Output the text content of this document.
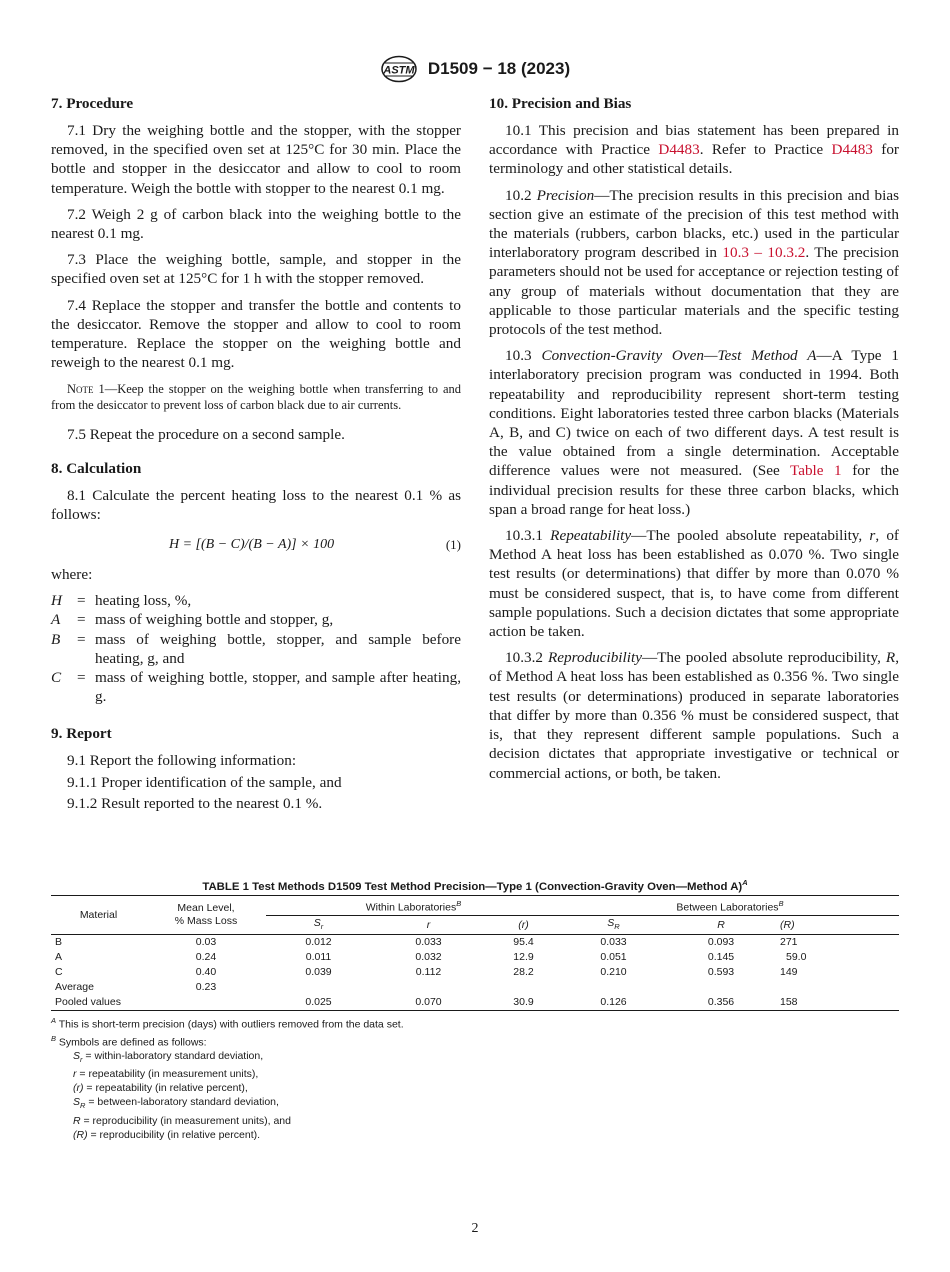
ASTM D1509 − 18 (2023)
7. Procedure

7.1 Dry the weighing bottle and the stopper, with the stopper removed, in the specified oven set at 125°C for 30 min. Place the bottle and stopper in the desiccator and allow to cool to room temperature. Weigh the bottle with stopper to the nearest 0.1 mg.

7.2 Weigh 2 g of carbon black into the weighing bottle to the nearest 0.1 mg.

7.3 Place the weighing bottle, sample, and stopper in the specified oven set at 125°C for 1 h with the stopper removed.

7.4 Replace the stopper and transfer the bottle and contents to the desiccator. Remove the stopper and allow to cool to room temperature. Replace the stopper on the weighing bottle and reweigh to the nearest 0.1 mg.

Note 1—Keep the stopper on the weighing bottle when transferring to and from the desiccator to prevent loss of carbon black due to air currents.

7.5 Repeat the procedure on a second sample.

8. Calculation

8.1 Calculate the percent heating loss to the nearest 0.1 % as follows:

H = [(B − C)/(B − A)] × 100	(1)

where:

H = heating loss, %,
A	= mass of weighing bottle and stopper, g,
B	= mass of weighing bottle, stopper, and sample before heating, g, and
C	= mass of weighing bottle, stopper, and sample after heating, g.
9. Report

9.1 Report the following information:

9.1.1 Proper identification of the sample, and

9.1.2 Result reported to the nearest 0.1 %.

10. Precision and Bias

10.1 This precision and bias statement has been prepared in accordance with Practice D4483. Refer to Practice D4483 for terminology and other statistical details.

10.2 Precision—The precision results in this precision and bias section give an estimate of the precision of this test method with the materials (rubbers, carbon blacks, etc.) used in the particular interlaboratory program described in 10.3 – 10.3.2. The precision parameters should not be used for acceptance or rejection testing of any group of materials without documentation that they are applicable to those particular materials and the specific testing protocols of the test method.

10.3 Convection-Gravity Oven—Test Method A—A Type 1 interlaboratory precision program was conducted in 1994. Both repeatability and reproducibility represent short-term testing conditions. Eight laboratories tested three carbon blacks (Materials A, B, and C) twice on each of two different days. A test result is the value obtained from a single determination. Acceptable difference values were not measured. (See Table 1 for the individual precision results for these three carbon blacks, which span a broad range for heat loss.)

10.3.1 Repeatability—The pooled absolute repeatability, r, of Method A heat loss has been established as 0.070 %. Two single test results (or determinations) that differ by more than 0.070 % must be considered suspect, that is, to have come from different sample populations. Such a decision dictates that some appropriate action be taken.

10.3.2 Reproducibility—The pooled absolute reproducibility, R, of Method A heat loss has been established as 0.356 %. Two single test results (or determinations) produced in separate laboratories that differ by more than 0.356 % must be considered suspect, that is, that they represent different sample populations. Such a decision dictates that appropriate investigative or technical or commercial actions, or both, be taken.

TABLE 1 Test Methods D1509 Test Method Precision—Type 1 (Convection-Gravity Oven—Method A)$^A$
Material	Mean Level,
% Mass Loss	Within Laboratories$^B$			Between Laboratories$^B$
		$S_r$	r	(r)	$S_R$	R	(R)
B	0.03	0.012	0.033	95.4	0.033	0.093	271
A	0.24	0.011	0.032	12.9	0.051	0.145	59.0
C	0.40	0.039	0.112	28.2	0.210	0.593	149
Average	0.23						
Pooled values		0.025	0.070	30.9	0.126	0.356	158
$^A$ This is short-term precision (days) with outliers removed from the data set.
$^B$ Symbols are defined as follows:
$S_r$ = within-laboratory standard deviation,
r = repeatability (in measurement units),
(r) = repeatability (in relative percent),
$S_R$ = between-laboratory standard deviation,
R = reproducibility (in measurement units), and
(R) = reproducibility (in relative percent).
2
